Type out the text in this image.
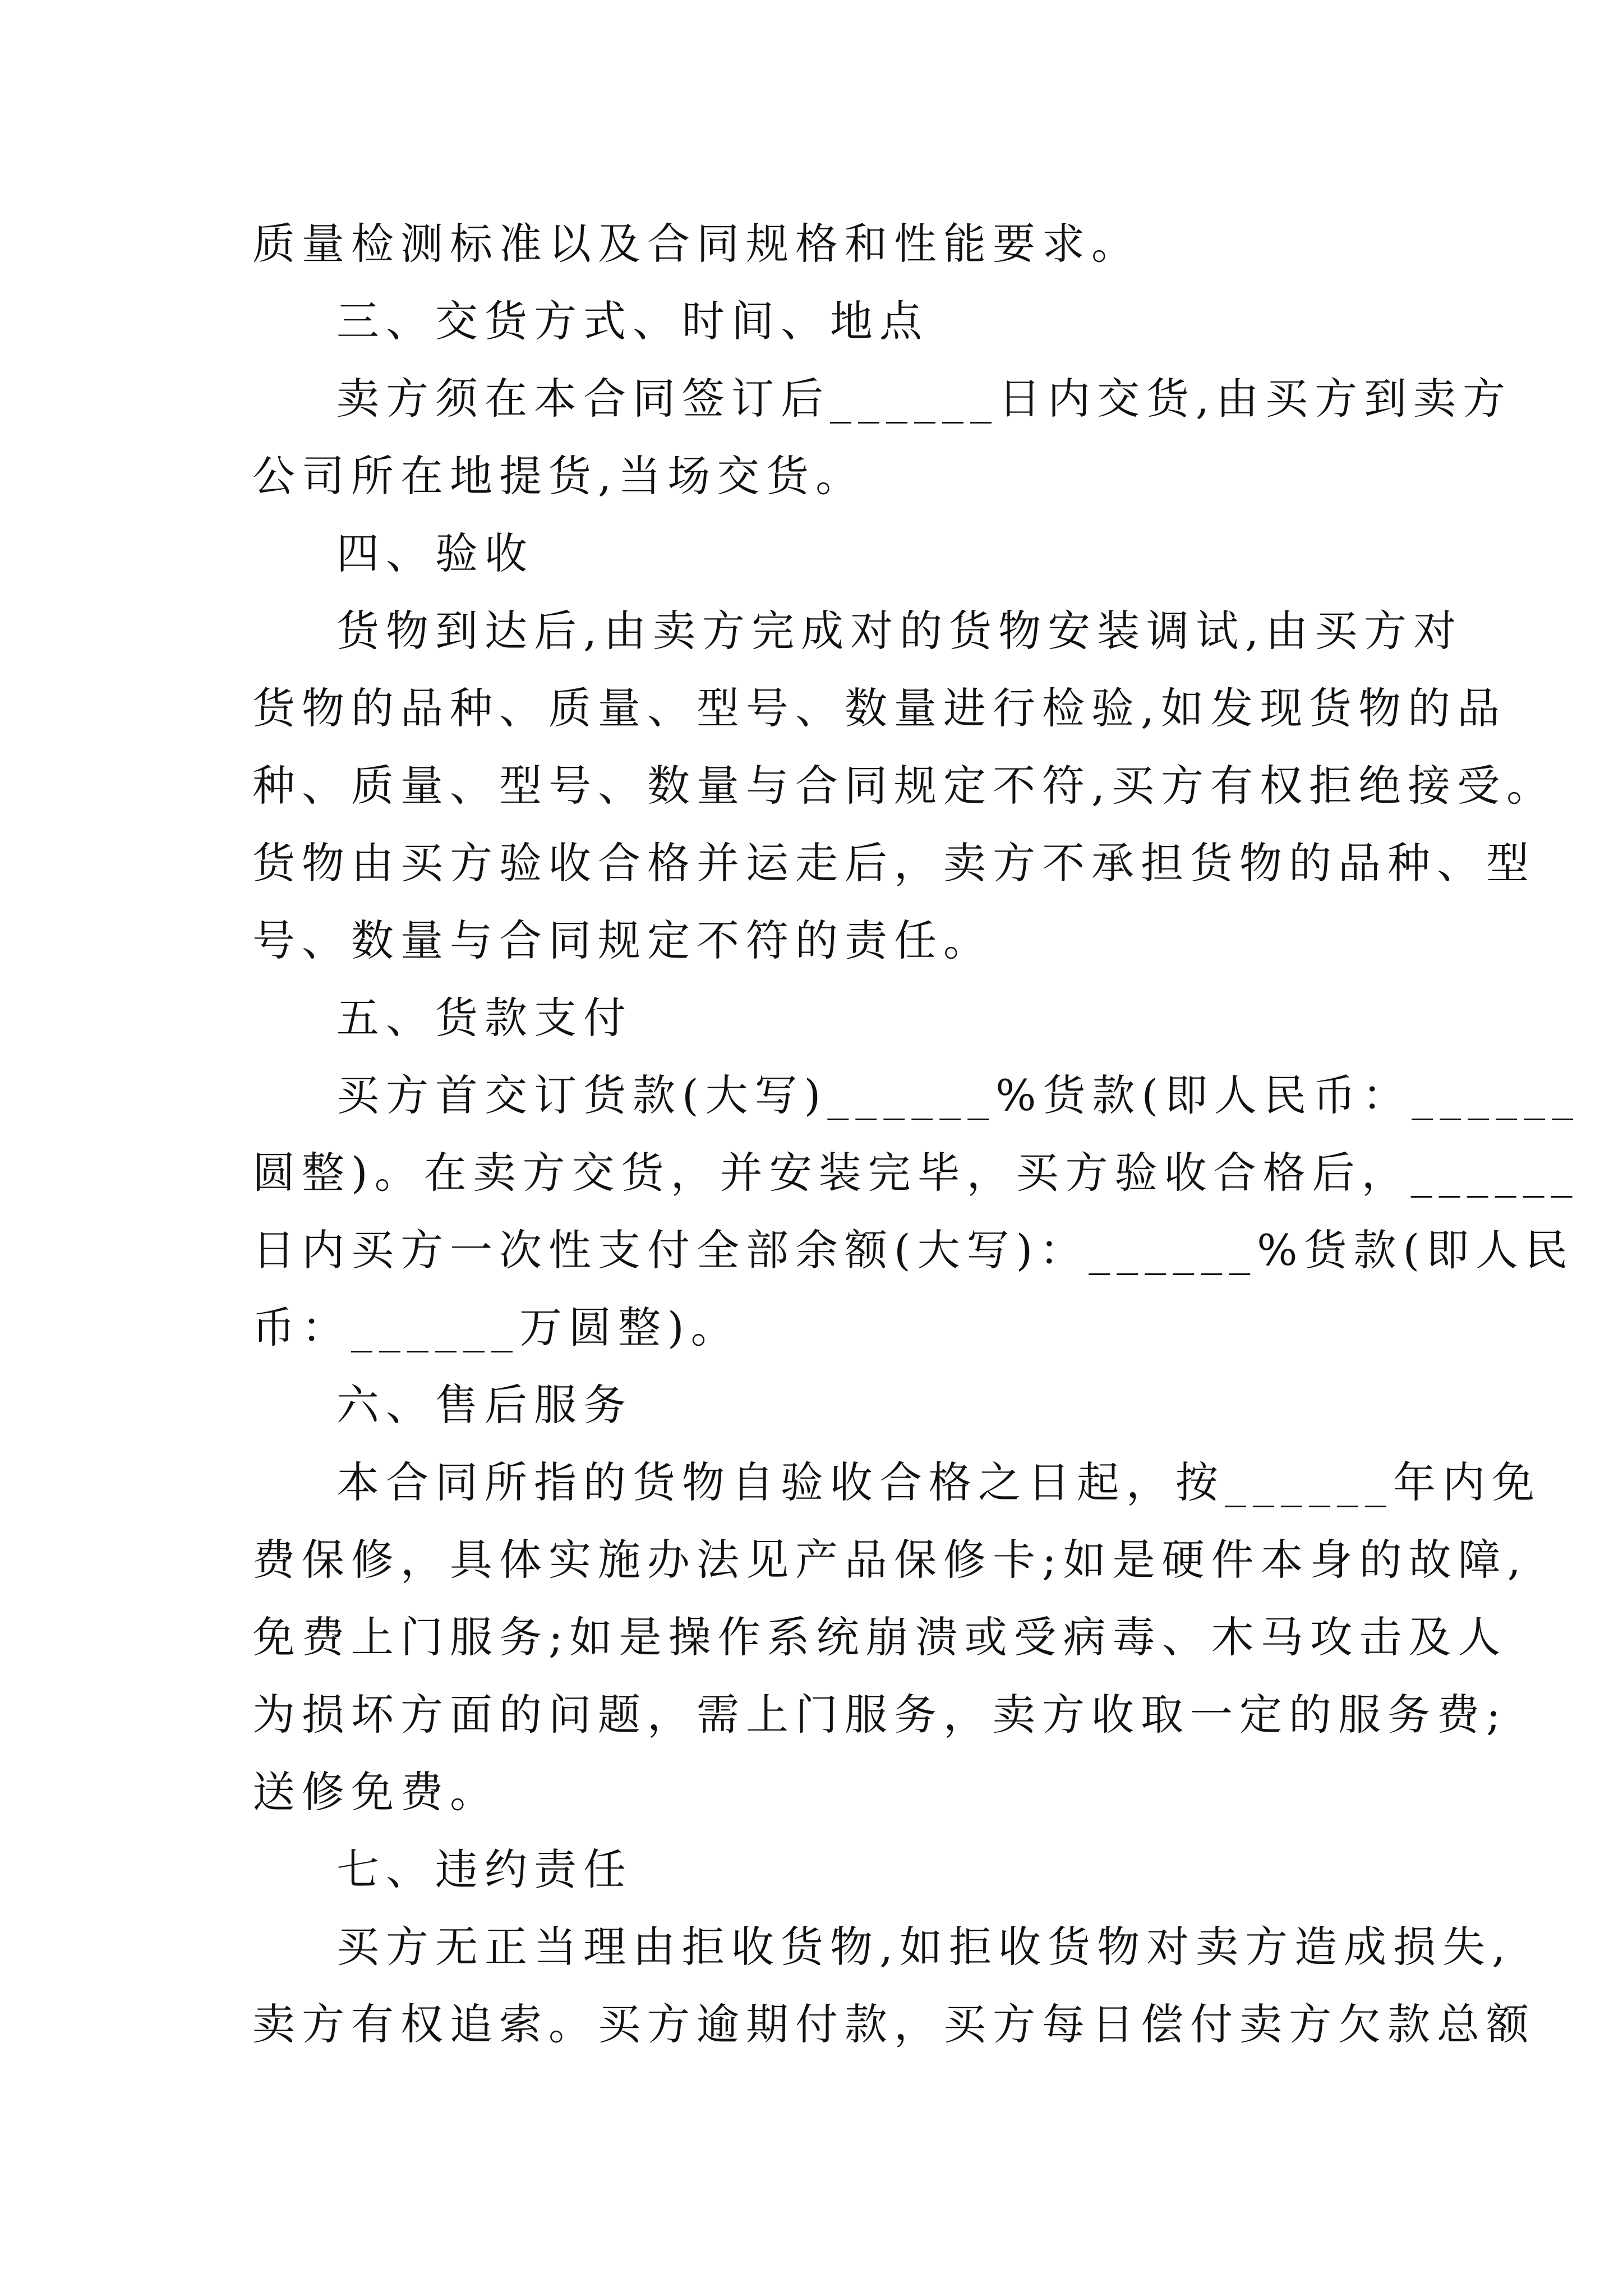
质量检测标准以及合同规格和性能要求。
三、交货方式、时间、地点
卖方须在本合同签订后______日内交货,由买方到卖方
公司所在地提货,当场交货。
四、验收
货物到达后,由卖方完成对的货物安装调试,由买方对
货物的品种、质量、型号、数量进行检验,如发现货物的品
种、质量、型号、数量与合同规定不符,买方有权拒绝接受。
货物由买方验收合格并运走后，卖方不承担货物的品种、型
号、数量与合同规定不符的责任。
五、货款支付
买方首交订货款(大写)______%货款(即人民币：______
圆整)。在卖方交货，并安装完毕，买方验收合格后，______
日内买方一次性支付全部余额(大写)：______%货款(即人民
币：______万圆整)。
六、售后服务
本合同所指的货物自验收合格之日起，按______年内免
费保修，具体实施办法见产品保修卡;如是硬件本身的故障,
免费上门服务;如是操作系统崩溃或受病毒、木马攻击及人
为损坏方面的问题，需上门服务，卖方收取一定的服务费;
送修免费。
七、违约责任
买方无正当理由拒收货物,如拒收货物对卖方造成损失,
卖方有权追索。买方逾期付款，买方每日偿付卖方欠款总额
